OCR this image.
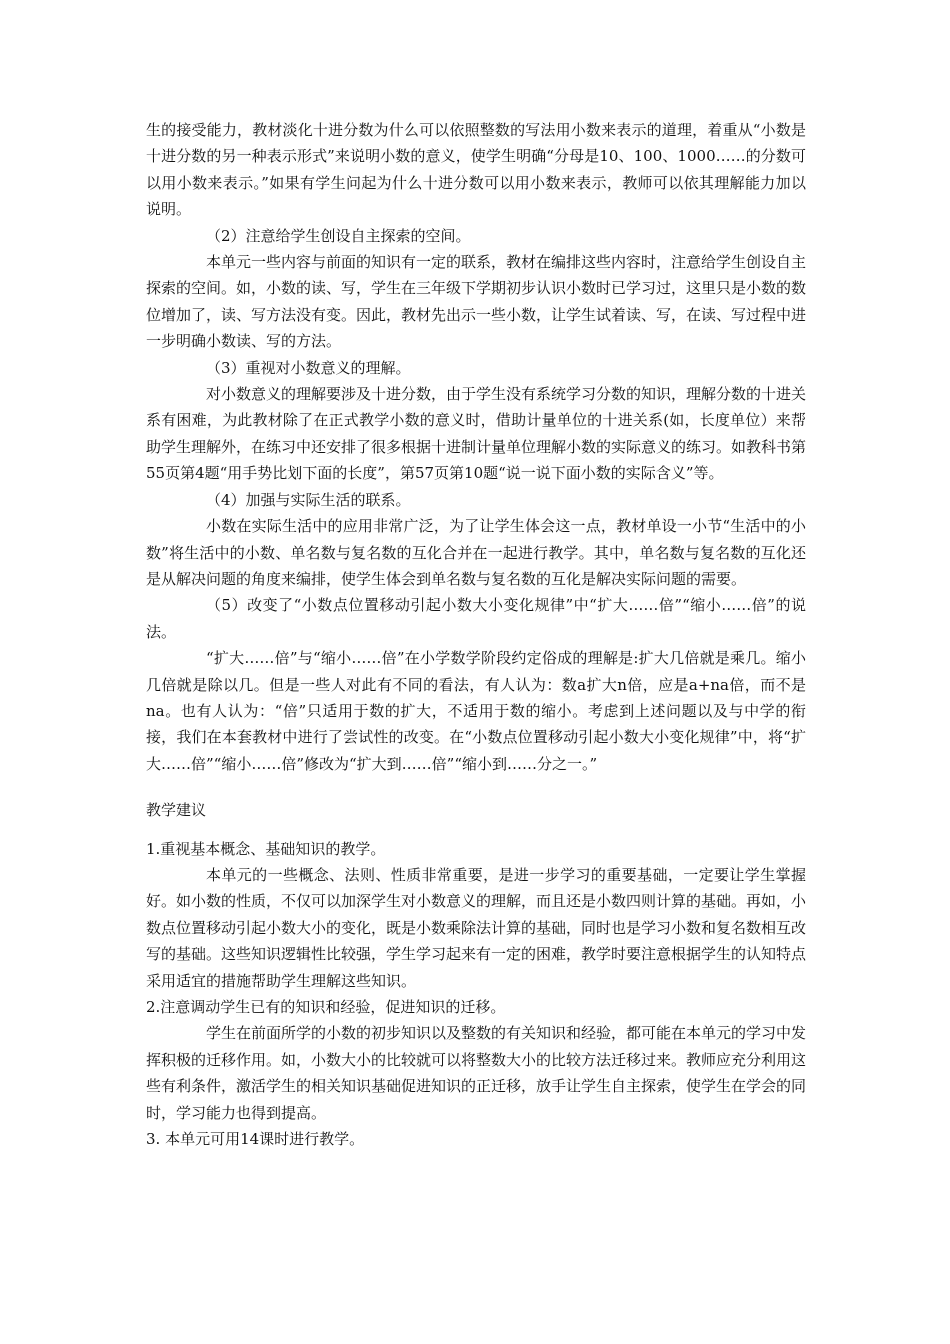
生的接受能力，教材淡化十进分数为什么可以依照整数的写法用小数来表示的道理，着重从“小数是十进分数的另一种表示形式”来说明小数的意义，使学生明确“分母是10、100、1000……的分数可以用小数来表示。”如果有学生问起为什么十进分数可以用小数来表示，教师可以依其理解能力加以说明。

（2）注意给学生创设自主探索的空间。

本单元一些内容与前面的知识有一定的联系，教材在编排这些内容时，注意给学生创设自主探索的空间。如，小数的读、写，学生在三年级下学期初步认识小数时已学习过，这里只是小数的数位增加了，读、写方法没有变。因此，教材先出示一些小数，让学生试着读、写，在读、写过程中进一步明确小数读、写的方法。

（3）重视对小数意义的理解。

对小数意义的理解要涉及十进分数，由于学生没有系统学习分数的知识，理解分数的十进关系有困难，为此教材除了在正式教学小数的意义时，借助计量单位的十进关系(如，长度单位）来帮助学生理解外，在练习中还安排了很多根据十进制计量单位理解小数的实际意义的练习。如教科书第55页第4题“用手势比划下面的长度”，第57页第10题“说一说下面小数的实际含义”等。

（4）加强与实际生活的联系。

小数在实际生活中的应用非常广泛，为了让学生体会这一点，教材单设一小节“生活中的小数”将生活中的小数、单名数与复名数的互化合并在一起进行教学。其中，单名数与复名数的互化还是从解决问题的角度来编排，使学生体会到单名数与复名数的互化是解决实际问题的需要。

（5）改变了“小数点位置移动引起小数大小变化规律”中“扩大……倍”“缩小……倍”的说法。

“扩大……倍”与“缩小……倍”在小学数学阶段约定俗成的理解是:扩大几倍就是乘几。缩小几倍就是除以几。但是一些人对此有不同的看法，有人认为：数a扩大n倍，应是a+na倍，而不是na。也有人认为：“倍”只适用于数的扩大，不适用于数的缩小。考虑到上述问题以及与中学的衔接，我们在本套教材中进行了尝试性的改变。在“小数点位置移动引起小数大小变化规律”中，将“扩大……倍”“缩小……倍”修改为“扩大到……倍”“缩小到……分之一。”

教学建议

1.重视基本概念、基础知识的教学。

本单元的一些概念、法则、性质非常重要，是进一步学习的重要基础，一定要让学生掌握好。如小数的性质，不仅可以加深学生对小数意义的理解，而且还是小数四则计算的基础。再如，小数点位置移动引起小数大小的变化，既是小数乘除法计算的基础，同时也是学习小数和复名数相互改写的基础。这些知识逻辑性比较强，学生学习起来有一定的困难，教学时要注意根据学生的认知特点采用适宜的措施帮助学生理解这些知识。

2.注意调动学生已有的知识和经验，促进知识的迁移。

学生在前面所学的小数的初步知识以及整数的有关知识和经验，都可能在本单元的学习中发挥积极的迁移作用。如，小数大小的比较就可以将整数大小的比较方法迁移过来。教师应充分利用这些有利条件，激活学生的相关知识基础促进知识的正迁移，放手让学生自主探索，使学生在学会的同时，学习能力也得到提高。

3. 本单元可用14课时进行教学。
